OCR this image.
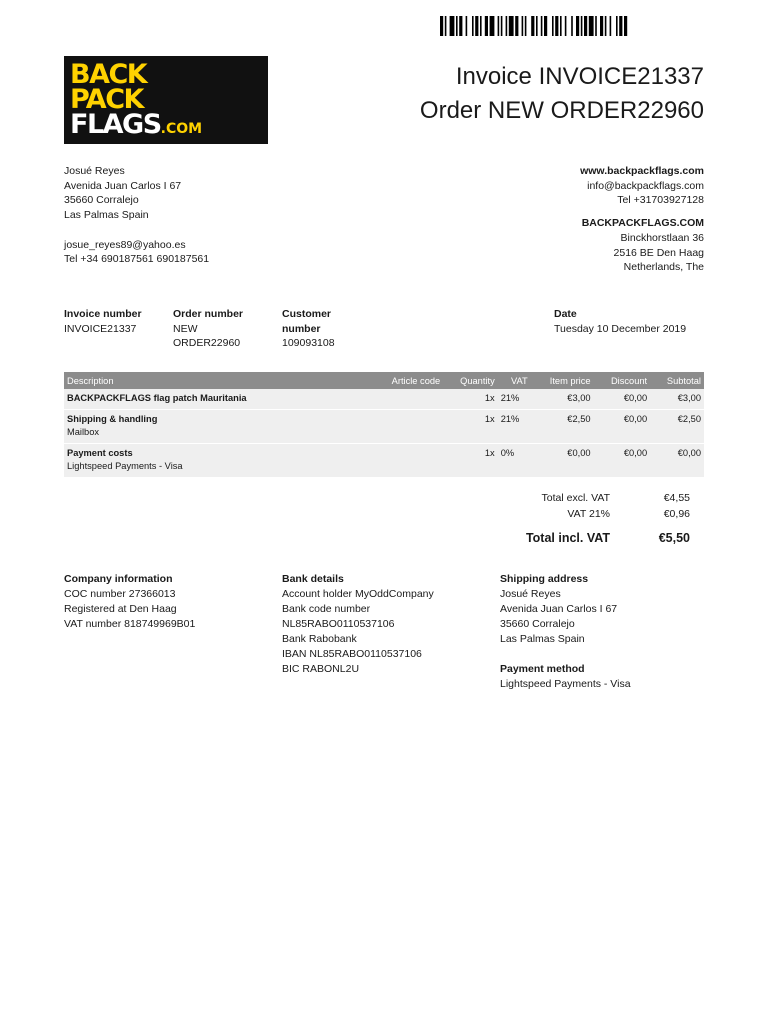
BACK
PACK
FLAGS.COM
Invoice INVOICE21337
Order NEW ORDER22960
Josué Reyes
Avenida Juan Carlos I 67
35660 Corralejo
Las Palmas Spain
josue_reyes89@yahoo.es
Tel +34 690187561 690187561
www.backpackflags.com
info@backpackflags.com
Tel +31703927128
BACKPACKFLAGS.COM
Binckhorstlaan 36
2516 BE Den Haag
Netherlands, The
Invoice number
INVOICE21337
Order number
NEW
ORDER22960
Customer
number
109093108
Date
Tuesday 10 December 2019
Description	Article code	Quantity	VAT	Item price	Discount	Subtotal
BACKPACKFLAGS flag patch Mauritania		1x	21%	€3,00	€0,00	€3,00
Shipping & handling
Mailbox		1x	21%	€2,50	€0,00	€2,50
Payment costs
Lightspeed Payments - Visa		1x	0%	€0,00	€0,00	€0,00
Total excl. VAT	€4,55
VAT 21%	€0,96
Total incl. VAT	€5,50
Company information
COC number 27366013
Registered at Den Haag
VAT number 818749969B01
Bank details
Account holder MyOddCompany
Bank code number
NL85RABO0110537106
Bank Rabobank
IBAN NL85RABO0110537106
BIC RABONL2U
Shipping address
Josué Reyes
Avenida Juan Carlos I 67
35660 Corralejo
Las Palmas Spain
Payment method
Lightspeed Payments - Visa
